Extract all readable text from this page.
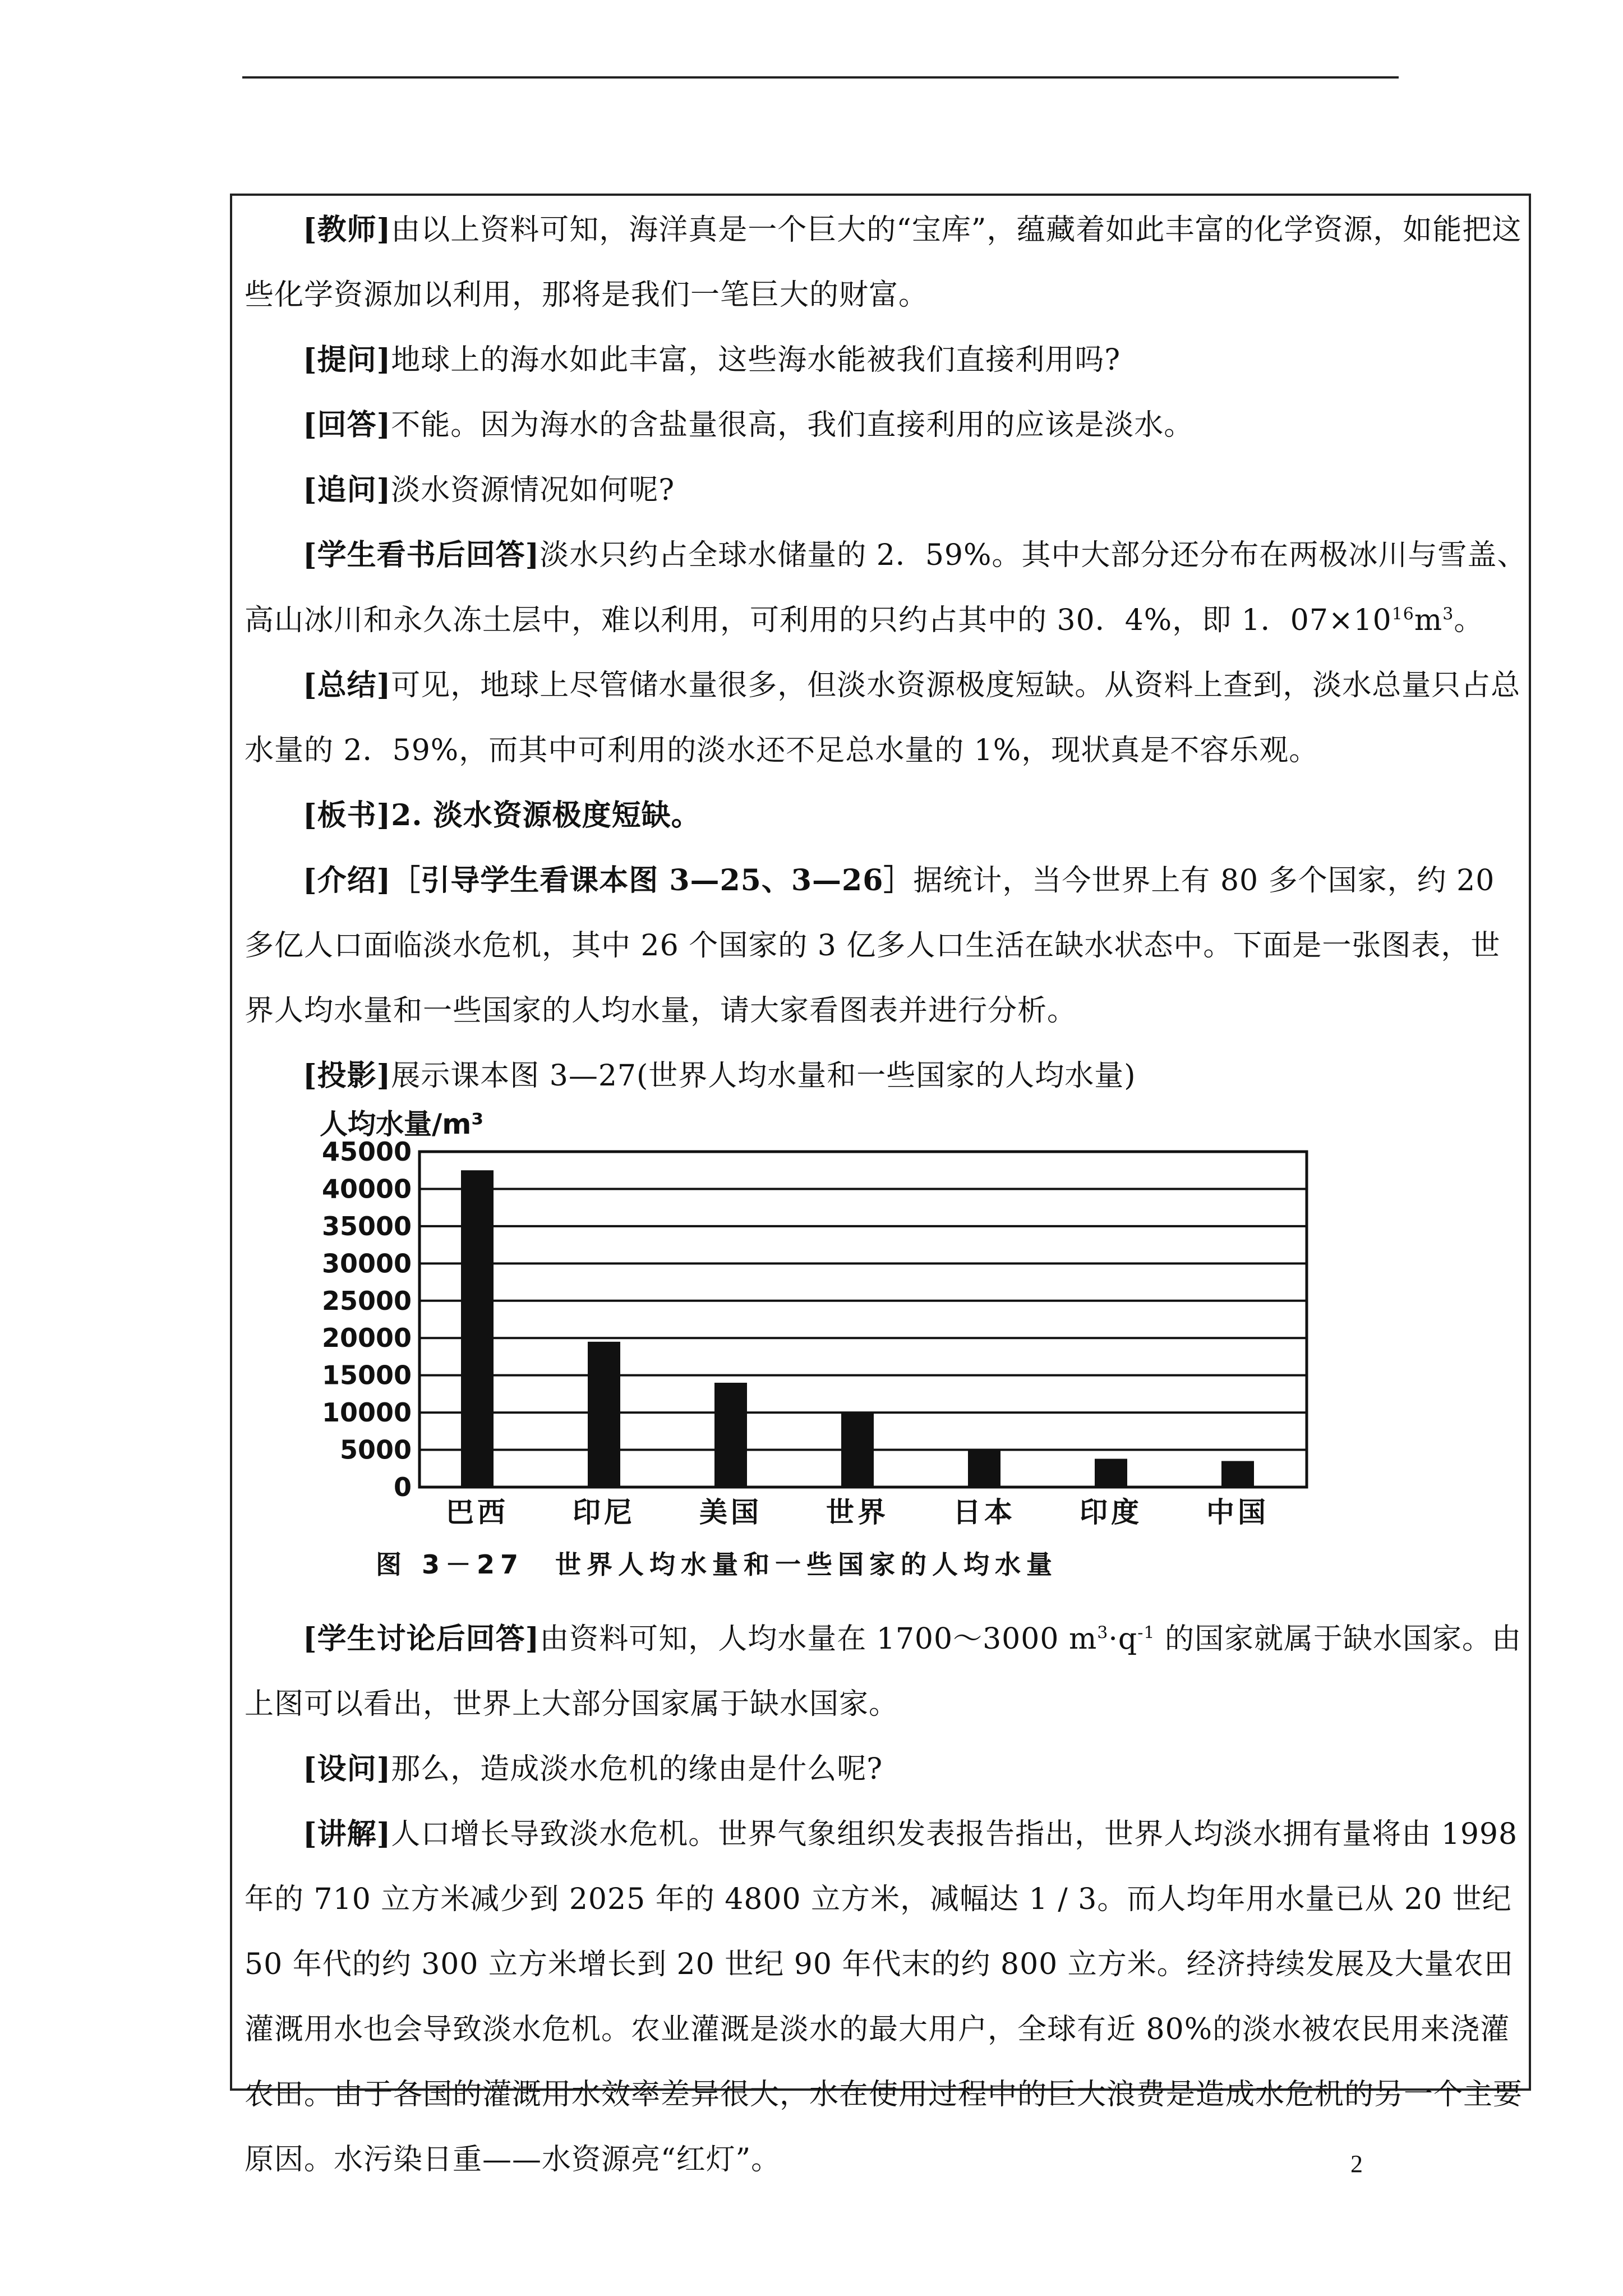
[教师]由以上资料可知，海洋真是一个巨大的“宝库”，蕴藏着如此丰富的化学资源，如能把这些化学资源加以利用，那将是我们一笔巨大的财富。

[提问]地球上的海水如此丰富，这些海水能被我们直接利用吗?

[回答]不能。因为海水的含盐量很高，我们直接利用的应该是淡水。

[追问]淡水资源情况如何呢?

[学生看书后回答]淡水只约占全球水储量的 2．59%。其中大部分还分布在两极冰川与雪盖、高山冰川和永久冻土层中，难以利用，可利用的只约占其中的 30．4%，即 1．$07\times 10^{16}m^3$。

[总结]可见，地球上尽管储水量很多，但淡水资源极度短缺。从资料上查到，淡水总量只占总水量的 2．59%，而其中可利用的淡水还不足总水量的 1%，现状真是不容乐观。

[板书]2. 淡水资源极度短缺。

[介绍]［引导学生看课本图 3—25、3—26］据统计，当今世界上有 80 多个国家，约 20 多亿人口面临淡水危机，其中 26 个国家的 3 亿多人口生活在缺水状态中。下面是一张图表，世界人均水量和一些国家的人均水量，请大家看图表并进行分析。

[投影]展示课本图 3—27(世界人均水量和一些国家的人均水量)

人均水量/m³
0
5000
10000
15000
20000
25000
30000
35000
40000
45000
巴西 印尼 美国 世界 日本 印度 中国
图 3－27　世界人均水量和一些国家的人均水量

[学生讨论后回答]由资料可知，人均水量在 1700～3000 $m^3\cdot q^{-1}$ 的国家就属于缺水国家。由上图可以看出，世界上大部分国家属于缺水国家。

[设问]那么，造成淡水危机的缘由是什么呢?

[讲解]人口增长导致淡水危机。世界气象组织发表报告指出，世界人均淡水拥有量将由 1998 年的 710 立方米减少到 2025 年的 4800 立方米，减幅达 1 / 3。而人均年用水量已从 20 世纪 50 年代的约 300 立方米增长到 20 世纪 90 年代末的约 800 立方米。经济持续发展及大量农田灌溉用水也会导致淡水危机。农业灌溉是淡水的最大用户，全球有近 80%的淡水被农民用来浇灌农田。由于各国的灌溉用水效率差异很大，水在使用过程中的巨大浪费是造成水危机的另一个主要原因。水污染日重——水资源亮“红灯”。	2
